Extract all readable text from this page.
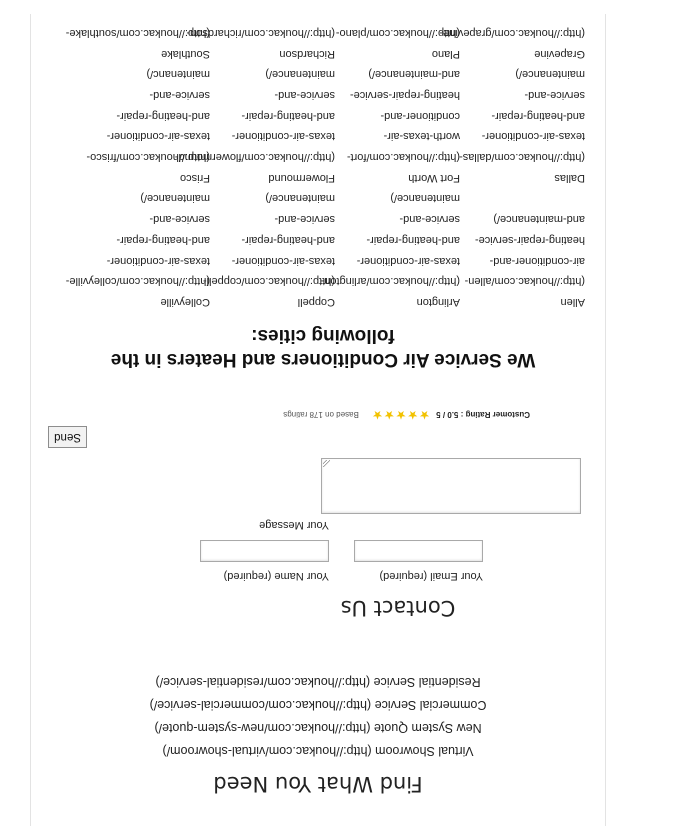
Find What You Need
Virtual Showroom (http://houkac.com/virtual-showroom/)
New System Quote (http://houkac.com/new-system-quote/)
Commercial Service (http://houkac.com/commercial-service/)
Residential Service (http://houkac.com/residential-service/)
Contact Us
Your Name (required)	Your Email (required)
Your Message
Send
Customer Rating : 5.0 / 5 ★★★★★ Based on 178 ratings
We Service Air Conditioners and Heaters in the following cities:
Allen
(http://houkac.com/allen-
air-conditioner-and-
heating-repair-service-
and-maintenance/)
Arlington
(http://houkac.com/arlington-
texas-air-conditioner-
and-heating-repair-
service-and-
maintenance/)
Coppell
(http://houkac.com/coppell-
texas-air-conditioner-
and-heating-repair-
service-and-
maintenance/)
Colleyville
(http://houkac.com/colleyville-
texas-air-conditioner-
and-heating-repair-
service-and-
maintenance/)
Dallas
(http://houkac.com/dallas-
texas-air-conditioner-
and-heating-repair-
service-and-
maintenance/)
Fort Worth
(http://houkac.com/fort-
worth-texas-air-
conditioner-and-
heating-repair-service-
and-maintenance/)
Flowermound
(http://houkac.com/flowermound-
texas-air-conditioner-
and-heating-repair-
service-and-
maintenance/)
Frisco
(http://houkac.com/frisco-
texas-air-conditioner-
and-heating-repair-
service-and-
maintenanc/)
Grapevine
(http://houkac.com/grapevine-
Plano
(http://houkac.com/plano-
Richardson
(http://houkac.com/richardson-
Southlake
(http://houkac.com/southlake-
